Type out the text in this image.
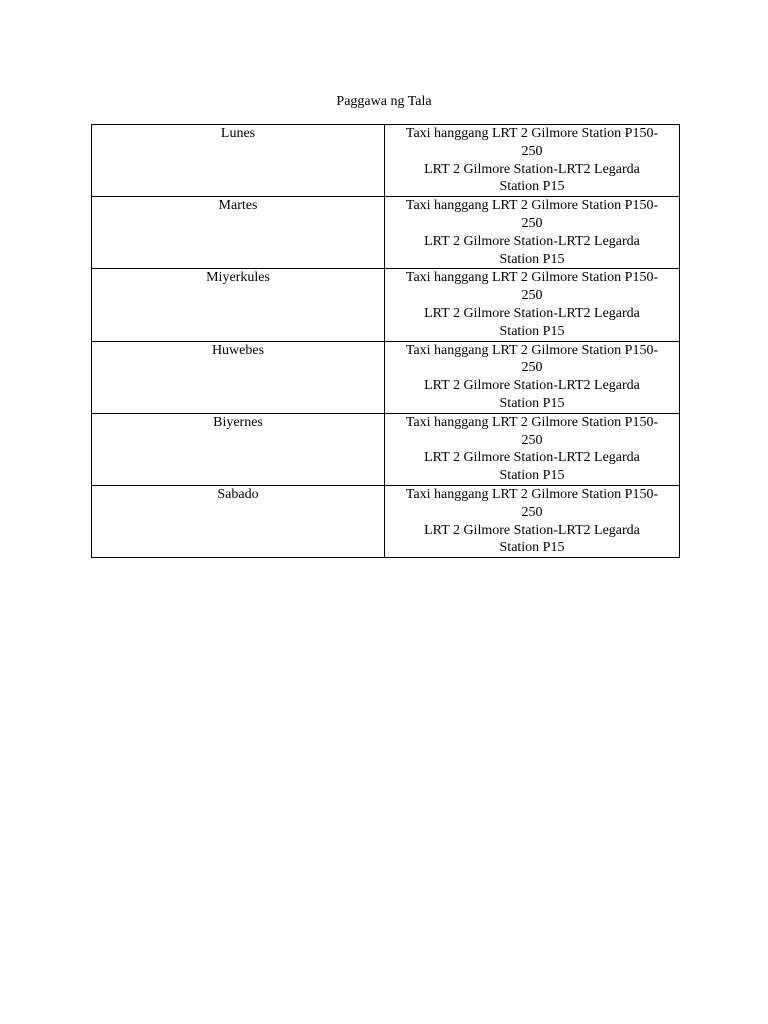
Paggawa ng Tala
Lunes	Taxi hanggang LRT 2 Gilmore Station P150-
250
LRT 2 Gilmore Station-LRT2 Legarda
Station P15

Martes	Taxi hanggang LRT 2 Gilmore Station P150-
250
LRT 2 Gilmore Station-LRT2 Legarda
Station P15

Miyerkules	Taxi hanggang LRT 2 Gilmore Station P150-
250
LRT 2 Gilmore Station-LRT2 Legarda
Station P15

Huwebes	Taxi hanggang LRT 2 Gilmore Station P150-
250
LRT 2 Gilmore Station-LRT2 Legarda
Station P15

Biyernes	Taxi hanggang LRT 2 Gilmore Station P150-
250
LRT 2 Gilmore Station-LRT2 Legarda
Station P15

Sabado	Taxi hanggang LRT 2 Gilmore Station P150-
250
LRT 2 Gilmore Station-LRT2 Legarda
Station P15
